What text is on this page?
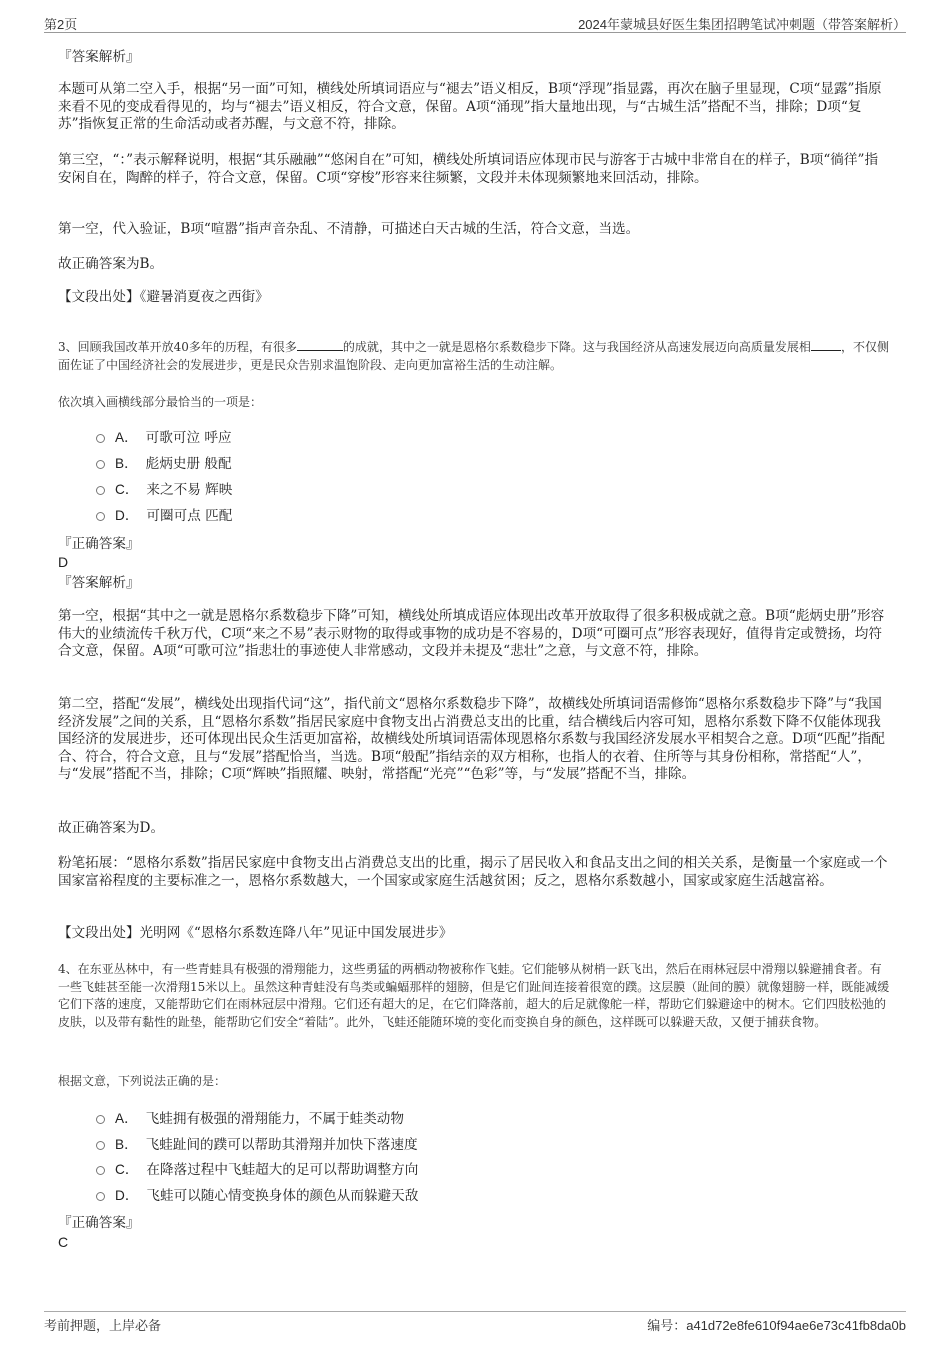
第2页	2024年蒙城县好医生集团招聘笔试冲刺题（带答案解析）
『答案解析』
本题可从第二空入手，根据“另一面”可知，横线处所填词语应与“褪去”语义相反，B项“浮现”指显露，再次在脑子里显现，C项“显露”指原来看不见的变成看得见的，均与“褪去”语义相反，符合文意，保留。A项“涌现”指大量地出现，与“古城生活”搭配不当，排除；D项“复苏”指恢复正常的生命活动或者苏醒，与文意不符，排除。
第三空，“：”表示解释说明，根据“其乐融融”“悠闲自在”可知，横线处所填词语应体现市民与游客于古城中非常自在的样子，B项“徜徉”指安闲自在，陶醉的样子，符合文意，保留。C项“穿梭”形容来往频繁，文段并未体现频繁地来回活动，排除。
第一空，代入验证，B项“喧嚣”指声音杂乱、不清静，可描述白天古城的生活，符合文意，当选。
故正确答案为B。
【文段出处】《避暑消夏夜之西街》
3、回顾我国改革开放40多年的历程，有很多	的成就，其中之一就是恩格尔系数稳步下降。这与我国经济从高速发展迈向高质量发展相	，不仅侧面佐证了中国经济社会的发展进步，更是民众告别求温饱阶段、走向更加富裕生活的生动注解。
依次填入画横线部分最恰当的一项是：
A． 可歌可泣 呼应
B． 彪炳史册 般配
C． 来之不易 辉映
D． 可圈可点 匹配
『正确答案』
D
『答案解析』
第一空，根据“其中之一就是恩格尔系数稳步下降”可知，横线处所填成语应体现出改革开放取得了很多积极成就之意。B项“彪炳史册”形容伟大的业绩流传千秋万代，C项“来之不易”表示财物的取得或事物的成功是不容易的，D项“可圈可点”形容表现好，值得肯定或赞扬，均符合文意，保留。A项“可歌可泣”指悲壮的事迹使人非常感动，文段并未提及“悲壮”之意，与文意不符，排除。
第二空，搭配“发展”，横线处出现指代词“这”，指代前文“恩格尔系数稳步下降”，故横线处所填词语需修饰“恩格尔系数稳步下降”与“我国经济发展”之间的关系，且“恩格尔系数”指居民家庭中食物支出占消费总支出的比重，结合横线后内容可知，恩格尔系数下降不仅能体现我国经济的发展进步，还可体现出民众生活更加富裕，故横线处所填词语需体现恩格尔系数与我国经济发展水平相契合之意。D项“匹配”指配合、符合，符合文意，且与“发展”搭配恰当，当选。B项“般配”指结亲的双方相称，也指人的衣着、住所等与其身份相称，常搭配“人”，与“发展”搭配不当，排除；C项“辉映”指照耀、映射，常搭配“光亮”“色彩”等，与“发展”搭配不当，排除。
故正确答案为D。
粉笔拓展：“恩格尔系数”指居民家庭中食物支出占消费总支出的比重，揭示了居民收入和食品支出之间的相关关系，是衡量一个家庭或一个国家富裕程度的主要标准之一，恩格尔系数越大，一个国家或家庭生活越贫困；反之，恩格尔系数越小，国家或家庭生活越富裕。
【文段出处】光明网《“恩格尔系数连降八年”见证中国发展进步》
4、在东亚丛林中，有一些青蛙具有极强的滑翔能力，这些勇猛的两栖动物被称作飞蛙。它们能够从树梢一跃飞出，然后在雨林冠层中滑翔以躲避捕食者。有一些飞蛙甚至能一次滑翔15米以上。虽然这种青蛙没有鸟类或蝙蝠那样的翅膀，但是它们趾间连接着很宽的蹼。这层膜（趾间的膜）就像翅膀一样，既能减缓它们下落的速度，又能帮助它们在雨林冠层中滑翔。它们还有超大的足，在它们降落前，超大的后足就像舵一样，帮助它们躲避途中的树木。它们四肢松弛的皮肤，以及带有黏性的趾垫，能帮助它们安全“着陆”。此外，飞蛙还能随环境的变化而变换自身的颜色，这样既可以躲避天敌，又便于捕获食物。
根据文意，下列说法正确的是：
A． 飞蛙拥有极强的滑翔能力，不属于蛙类动物
B． 飞蛙趾间的蹼可以帮助其滑翔并加快下落速度
C． 在降落过程中飞蛙超大的足可以帮助调整方向
D． 飞蛙可以随心情变换身体的颜色从而躲避天敌
『正确答案』
C
考前押题，上岸必备	编号：a41d72e8fe610f94ae6e73c41fb8da0b
